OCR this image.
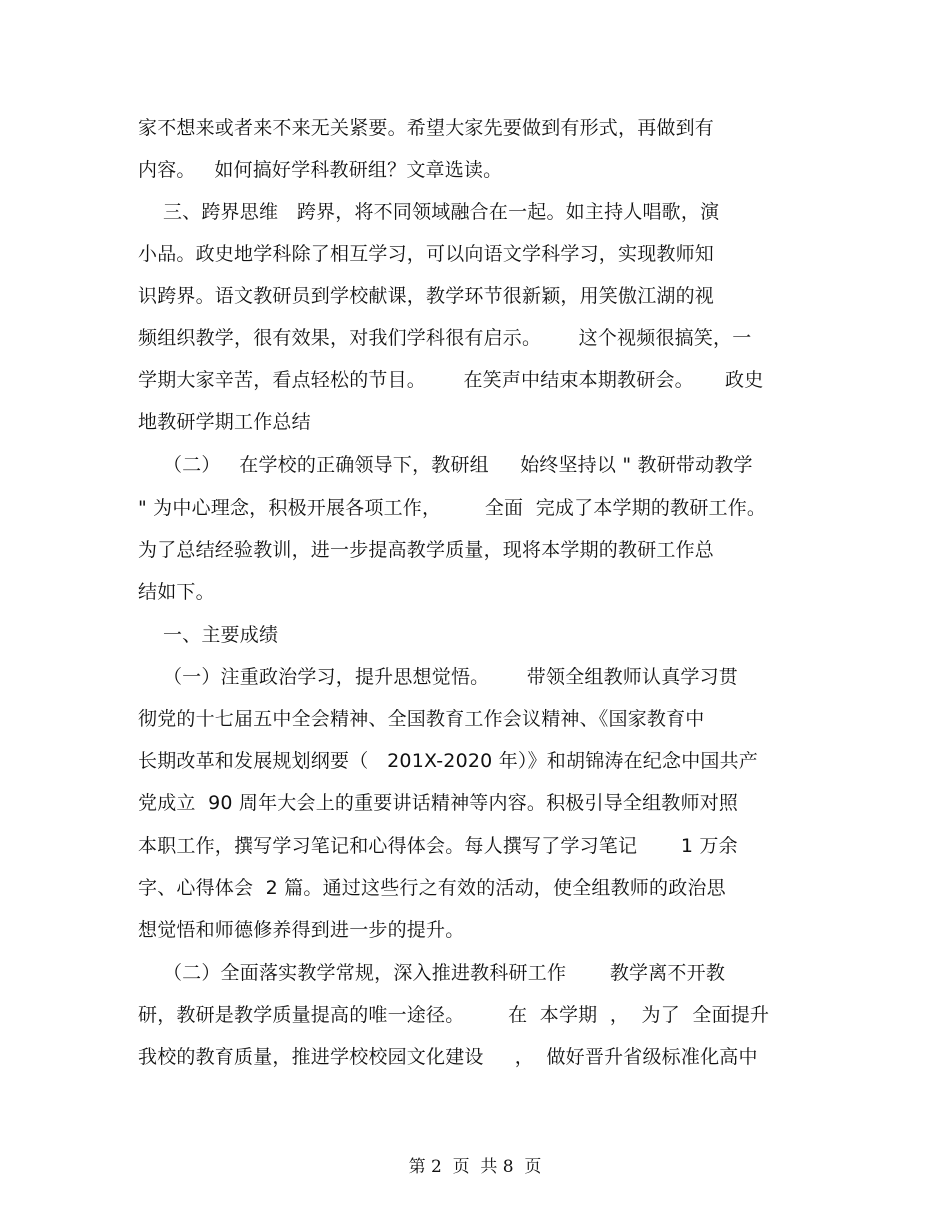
家不想来或者来不来无关紧要。希望大家先要做到有形式，再做到有
内容。   如何搞好学科教研组？文章选读。
三、跨界思维   跨界，将不同领域融合在一起。如主持人唱歌，演
小品。政史地学科除了相互学习，可以向语文学科学习，实现教师知
识跨界。语文教研员到学校献课，教学环节很新颖，用笑傲江湖的视
频组织教学，很有效果，对我们学科很有启示。      这个视频很搞笑，一
学期大家辛苦，看点轻松的节目。      在笑声中结束本期教研会。     政史
地教研学期工作总结
（二）   在学校的正确领导下，教研组     始终坚持以 " 教研带动教学
" 为中心理念，积极开展各项工作，       全面  完成了本学期的教研工作。
为了总结经验教训，进一步提高教学质量，现将本学期的教研工作总
结如下。
一、主要成绩
（一）注重政治学习，提升思想觉悟。      带领全组教师认真学习贯
彻党的十七届五中全会精神、全国教育工作会议精神、《国家教育中
长期改革和发展规划纲要（   201X-2020 年）》和胡锦涛在纪念中国共产
党成立  90 周年大会上的重要讲话精神等内容。积极引导全组教师对照
本职工作，撰写学习笔记和心得体会。每人撰写了学习笔记       1 万余
字、心得体会  2 篇。通过这些行之有效的活动，使全组教师的政治思
想觉悟和师德修养得到进一步的提升。
（二）全面落实教学常规，深入推进教科研工作       教学离不开教
研，教研是教学质量提高的唯一途径。       在  本学期  ，  为了  全面提升
我校的教育质量，推进学校校园文化建设     ，  做好晋升省级标准化高中
第 2  页  共 8  页
